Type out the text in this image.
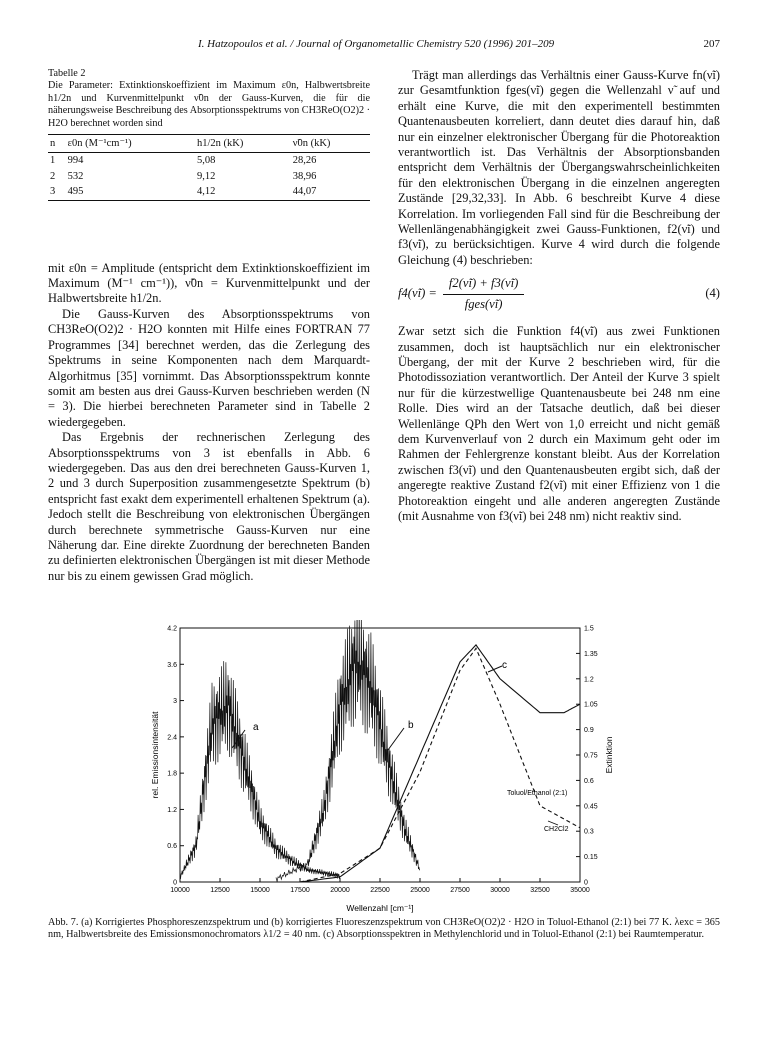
I. Hatzopoulos et al. / Journal of Organometallic Chemistry 520 (1996) 201–209	207
Tabelle 2
Die Parameter: Extinktionskoeffizient im Maximum ε0n, Halbwertsbreite h1/2n und Kurvenmittelpunkt ν̃0n der Gauss-Kurven, die für die näherungsweise Beschreibung des Absorptionsspektrums von CH3ReO(O2)2 · H2O berechnet worden sind
n	ε0n (M⁻¹cm⁻¹)	h1/2n (kK)	ν̃0n (kK)
1	994	5,08	28,26
2	532	9,12	38,96
3	495	4,12	44,07

mit ε0n = Amplitude (entspricht dem Extinktionskoeffizient im Maximum (M⁻¹ cm⁻¹)), ν̃0n = Kurvenmittelpunkt und der Halbwertsbreite h1/2n.

Die Gauss-Kurven des Absorptionsspektrums von CH3ReO(O2)2 · H2O konnten mit Hilfe eines FORTRAN 77 Programmes [34] berechnet werden, das die Zerlegung des Spektrums in seine Komponenten nach dem Marquardt-Algorhitmus [35] vornimmt. Das Absorptionsspektrum konnte somit am besten aus drei Gauss-Kurven beschrieben werden (N = 3). Die hierbei berechneten Parameter sind in Tabelle 2 wiedergegeben.

Das Ergebnis der rechnerischen Zerlegung des Absorptionsspektrums von 3 ist ebenfalls in Abb. 6 wiedergegeben. Das aus den drei berechneten Gauss-Kurven 1, 2 und 3 durch Superposition zusammengesetzte Spektrum (b) entspricht fast exakt dem experimentell erhaltenen Spektrum (a). Jedoch stellt die Beschreibung von elektronischen Übergängen durch berechnete symmetrische Gauss-Kurven nur eine Näherung dar. Eine direkte Zuordnung der berechneten Banden zu definierten elektronischen Übergängen ist mit dieser Methode nur bis zu einem gewissen Grad möglich.

Trägt man allerdings das Verhältnis einer Gauss-Kurve fn(ν̃i) zur Gesamtfunktion fges(ν̃i) gegen die Wellenzahl ν̃ auf und erhält eine Kurve, die mit den experimentell bestimmten Quantenausbeuten korreliert, dann deutet dies darauf hin, daß nur ein einzelner elektronischer Übergang für die Photoreaktion verantwortlich ist. Das Verhältnis der Absorptionsbanden entspricht dem Verhältnis der Übergangswahrscheinlichkeiten für den elektronischen Übergang in die einzelnen angeregten Zustände [29,32,33]. In Abb. 6 beschreibt Kurve 4 diese Korrelation. Im vorliegenden Fall sind für die Beschreibung der Wellenlängenabhängigkeit zwei Gauss-Funktionen, f2(ν̃i) und f3(ν̃i), zu berücksichtigen. Kurve 4 wird durch die folgende Gleichung (4) beschrieben:

f4(ν̃i) = $\frac{f2(\nũi) + f3(\nũi)}{\text{fges(ν̃i)}}$	(4)

Zwar setzt sich die Funktion f4(ν̃i) aus zwei Funktionen zusammen, doch ist hauptsächlich nur ein elektronischer Übergang, der mit der Kurve 2 beschrieben wird, für die Photodissoziation verantwortlich. Der Anteil der Kurve 3 spielt nur für die kürzestwellige Quantenausbeute bei 248 nm eine Rolle. Dies wird an der Tatsache deutlich, daß bei dieser Wellenlänge QPh den Wert von 1,0 erreicht und nicht gemäß dem Kurvenverlauf von 2 durch ein Maximum geht oder im Rahmen der Fehlergrenze konstant bleibt. Aus der Korrelation zwischen f3(ν̃i) und den Quantenausbeuten ergibt sich, daß der angeregte reaktive Zustand f2(ν̃i) mit einer Effizienz von 1 die Photoreaktion eingeht und alle anderen angeregten Zustände (mit Ausnahme von f3(ν̃i) bei 248 nm) nicht reaktiv sind.

10000	12500	15000	17500	20000	22500	25000	27500	30000	32500	35000
0
0.6
1.2
1.8
2.4
3
3.6
4.2
0
0.15
0.3
0.45
0.6
0.75
0.9
1.05
1.2
1.35
1.5
a	b
c
Toluol/Ethanol (2:1)
CH2Cl2
Wellenzahl [cm⁻¹]
rel. Emissionsintensität	Extinktion
Abb. 7. (a) Korrigiertes Phosphoreszenzspektrum und (b) korrigiertes Fluoreszenzspektrum von CH3ReO(O2)2 · H2O in Toluol-Ethanol (2:1) bei 77 K. λexc = 365 nm, Halbwertsbreite des Emissionsmonochromators λ1/2 = 40 nm. (c) Absorptionsspektren in Methylenchlorid und in Toluol-Ethanol (2:1) bei Raumtemperatur.
